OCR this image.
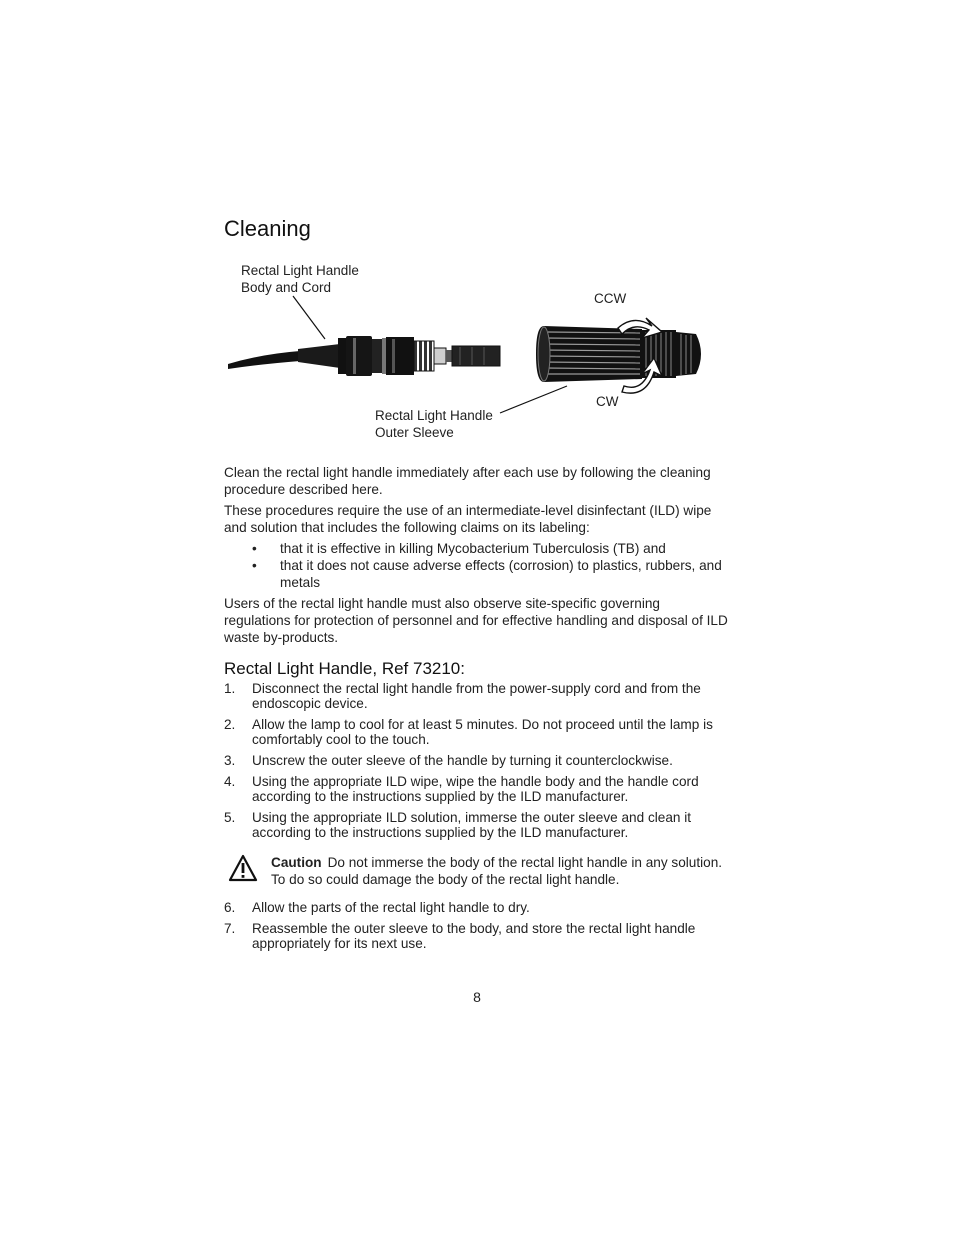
Cleaning
Rectal Light Handle
Body and Cord
CCW
CW
Rectal Light Handle
Outer Sleeve

Clean the rectal light handle immediately after each use by following the cleaning procedure described here.

These procedures require the use of an intermediate-level disinfectant (ILD) wipe and solution that includes the following claims on its labeling:

• that it is effective in killing Mycobacterium Tuberculosis (TB) and
• that it does not cause adverse effects (corrosion) to plastics, rubbers, and metals

Users of the rectal light handle must also observe site-specific governing regulations for protection of personnel and for effective handling and disposal of ILD waste by-products.

Rectal Light Handle, Ref 73210:
1. Disconnect the rectal light handle from the power-supply cord and from the endoscopic device.
2. Allow the lamp to cool for at least 5 minutes. Do not proceed until the lamp is comfortably cool to the touch.
3. Unscrew the outer sleeve of the handle by turning it counterclockwise.
4. Using the appropriate ILD wipe, wipe the handle body and the handle cord according to the instructions supplied by the ILD manufacturer.
5. Using the appropriate ILD solution, immerse the outer sleeve and clean it according to the instructions supplied by the ILD manufacturer.
Caution Do not immerse the body of the rectal light handle in any solution. To do so could damage the body of the rectal light handle.
6. Allow the parts of the rectal light handle to dry.
7. Reassemble the outer sleeve to the body, and store the rectal light handle appropriately for its next use.
8
